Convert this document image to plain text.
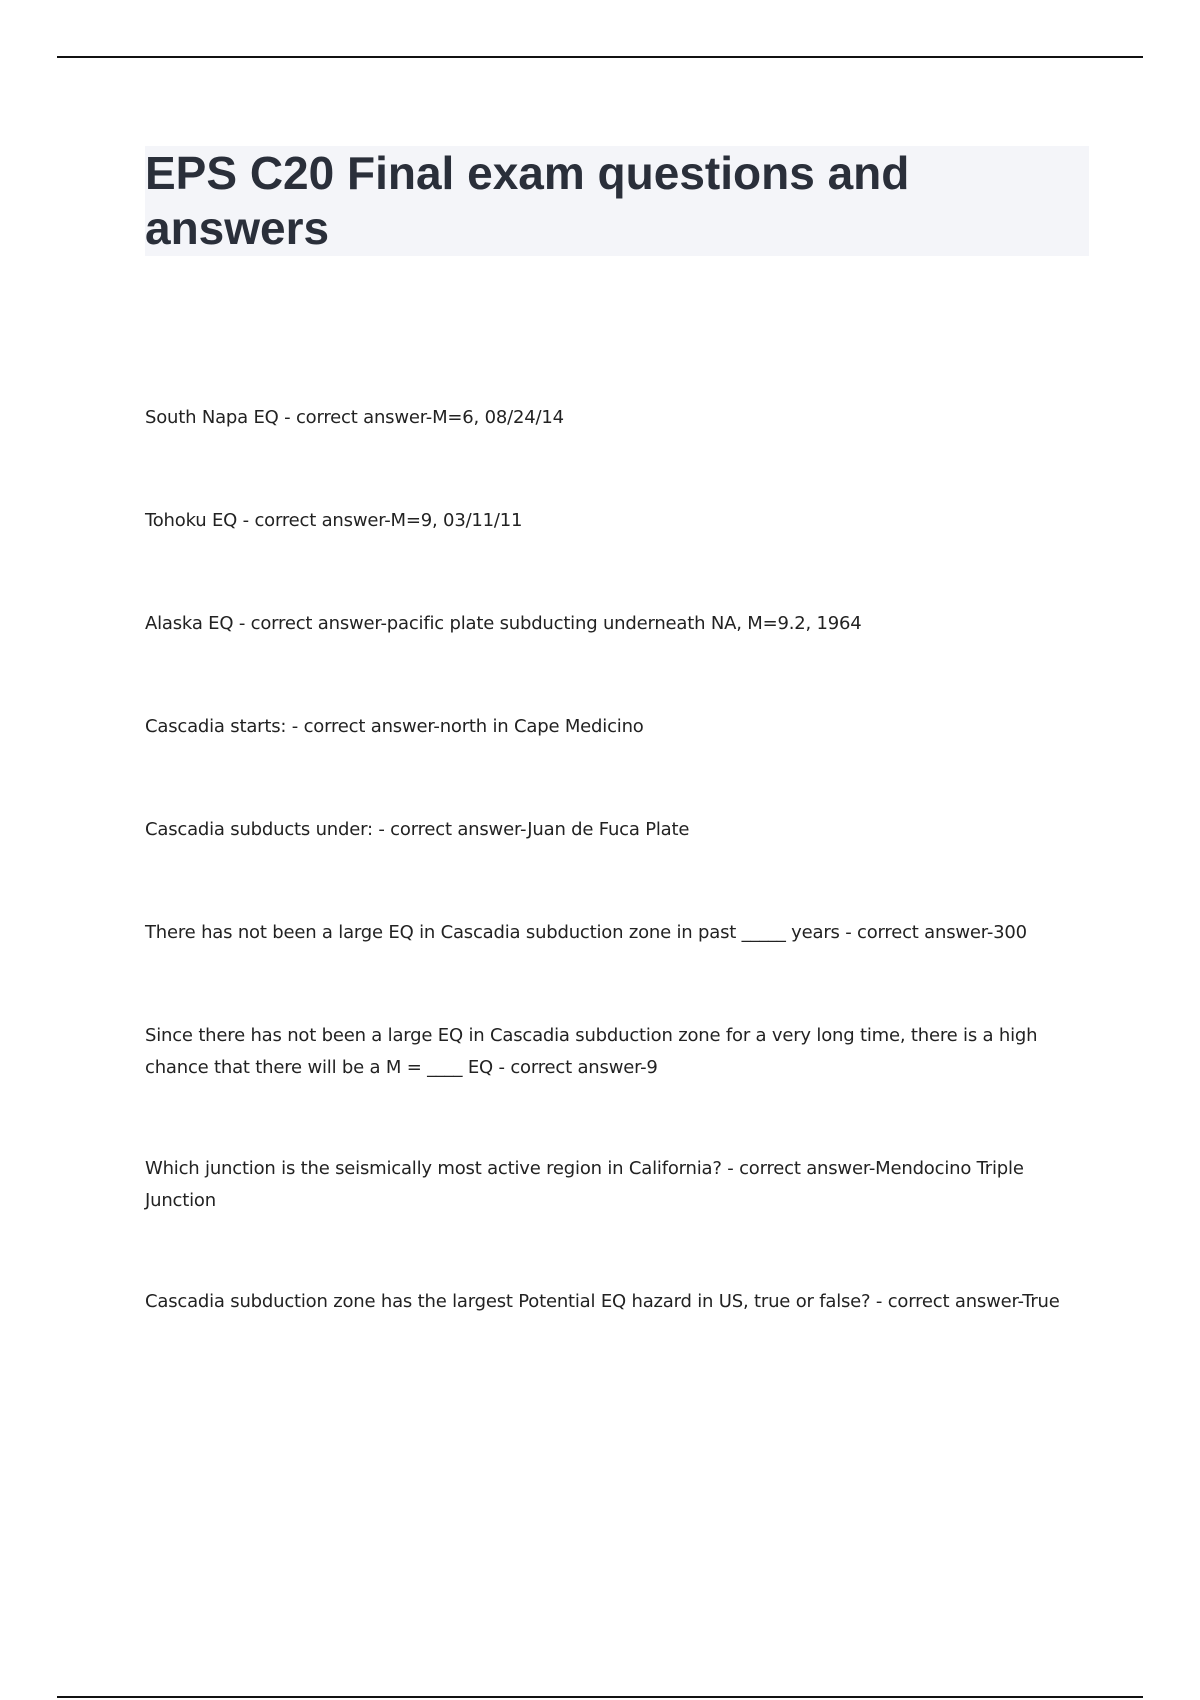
EPS C20 Final exam questions and answers
South Napa EQ - correct answer-M=6, 08/24/14
Tohoku EQ - correct answer-M=9, 03/11/11
Alaska EQ - correct answer-pacific plate subducting underneath NA, M=9.2, 1964
Cascadia starts: - correct answer-north in Cape Medicino
Cascadia subducts under: - correct answer-Juan de Fuca Plate
There has not been a large EQ in Cascadia subduction zone in past _____ years - correct answer-300
Since there has not been a large EQ in Cascadia subduction zone for a very long time, there is a high chance that there will be a M = ____ EQ - correct answer-9
Which junction is the seismically most active region in California? - correct answer-Mendocino Triple Junction
Cascadia subduction zone has the largest Potential EQ hazard in US, true or false? - correct answer-True
